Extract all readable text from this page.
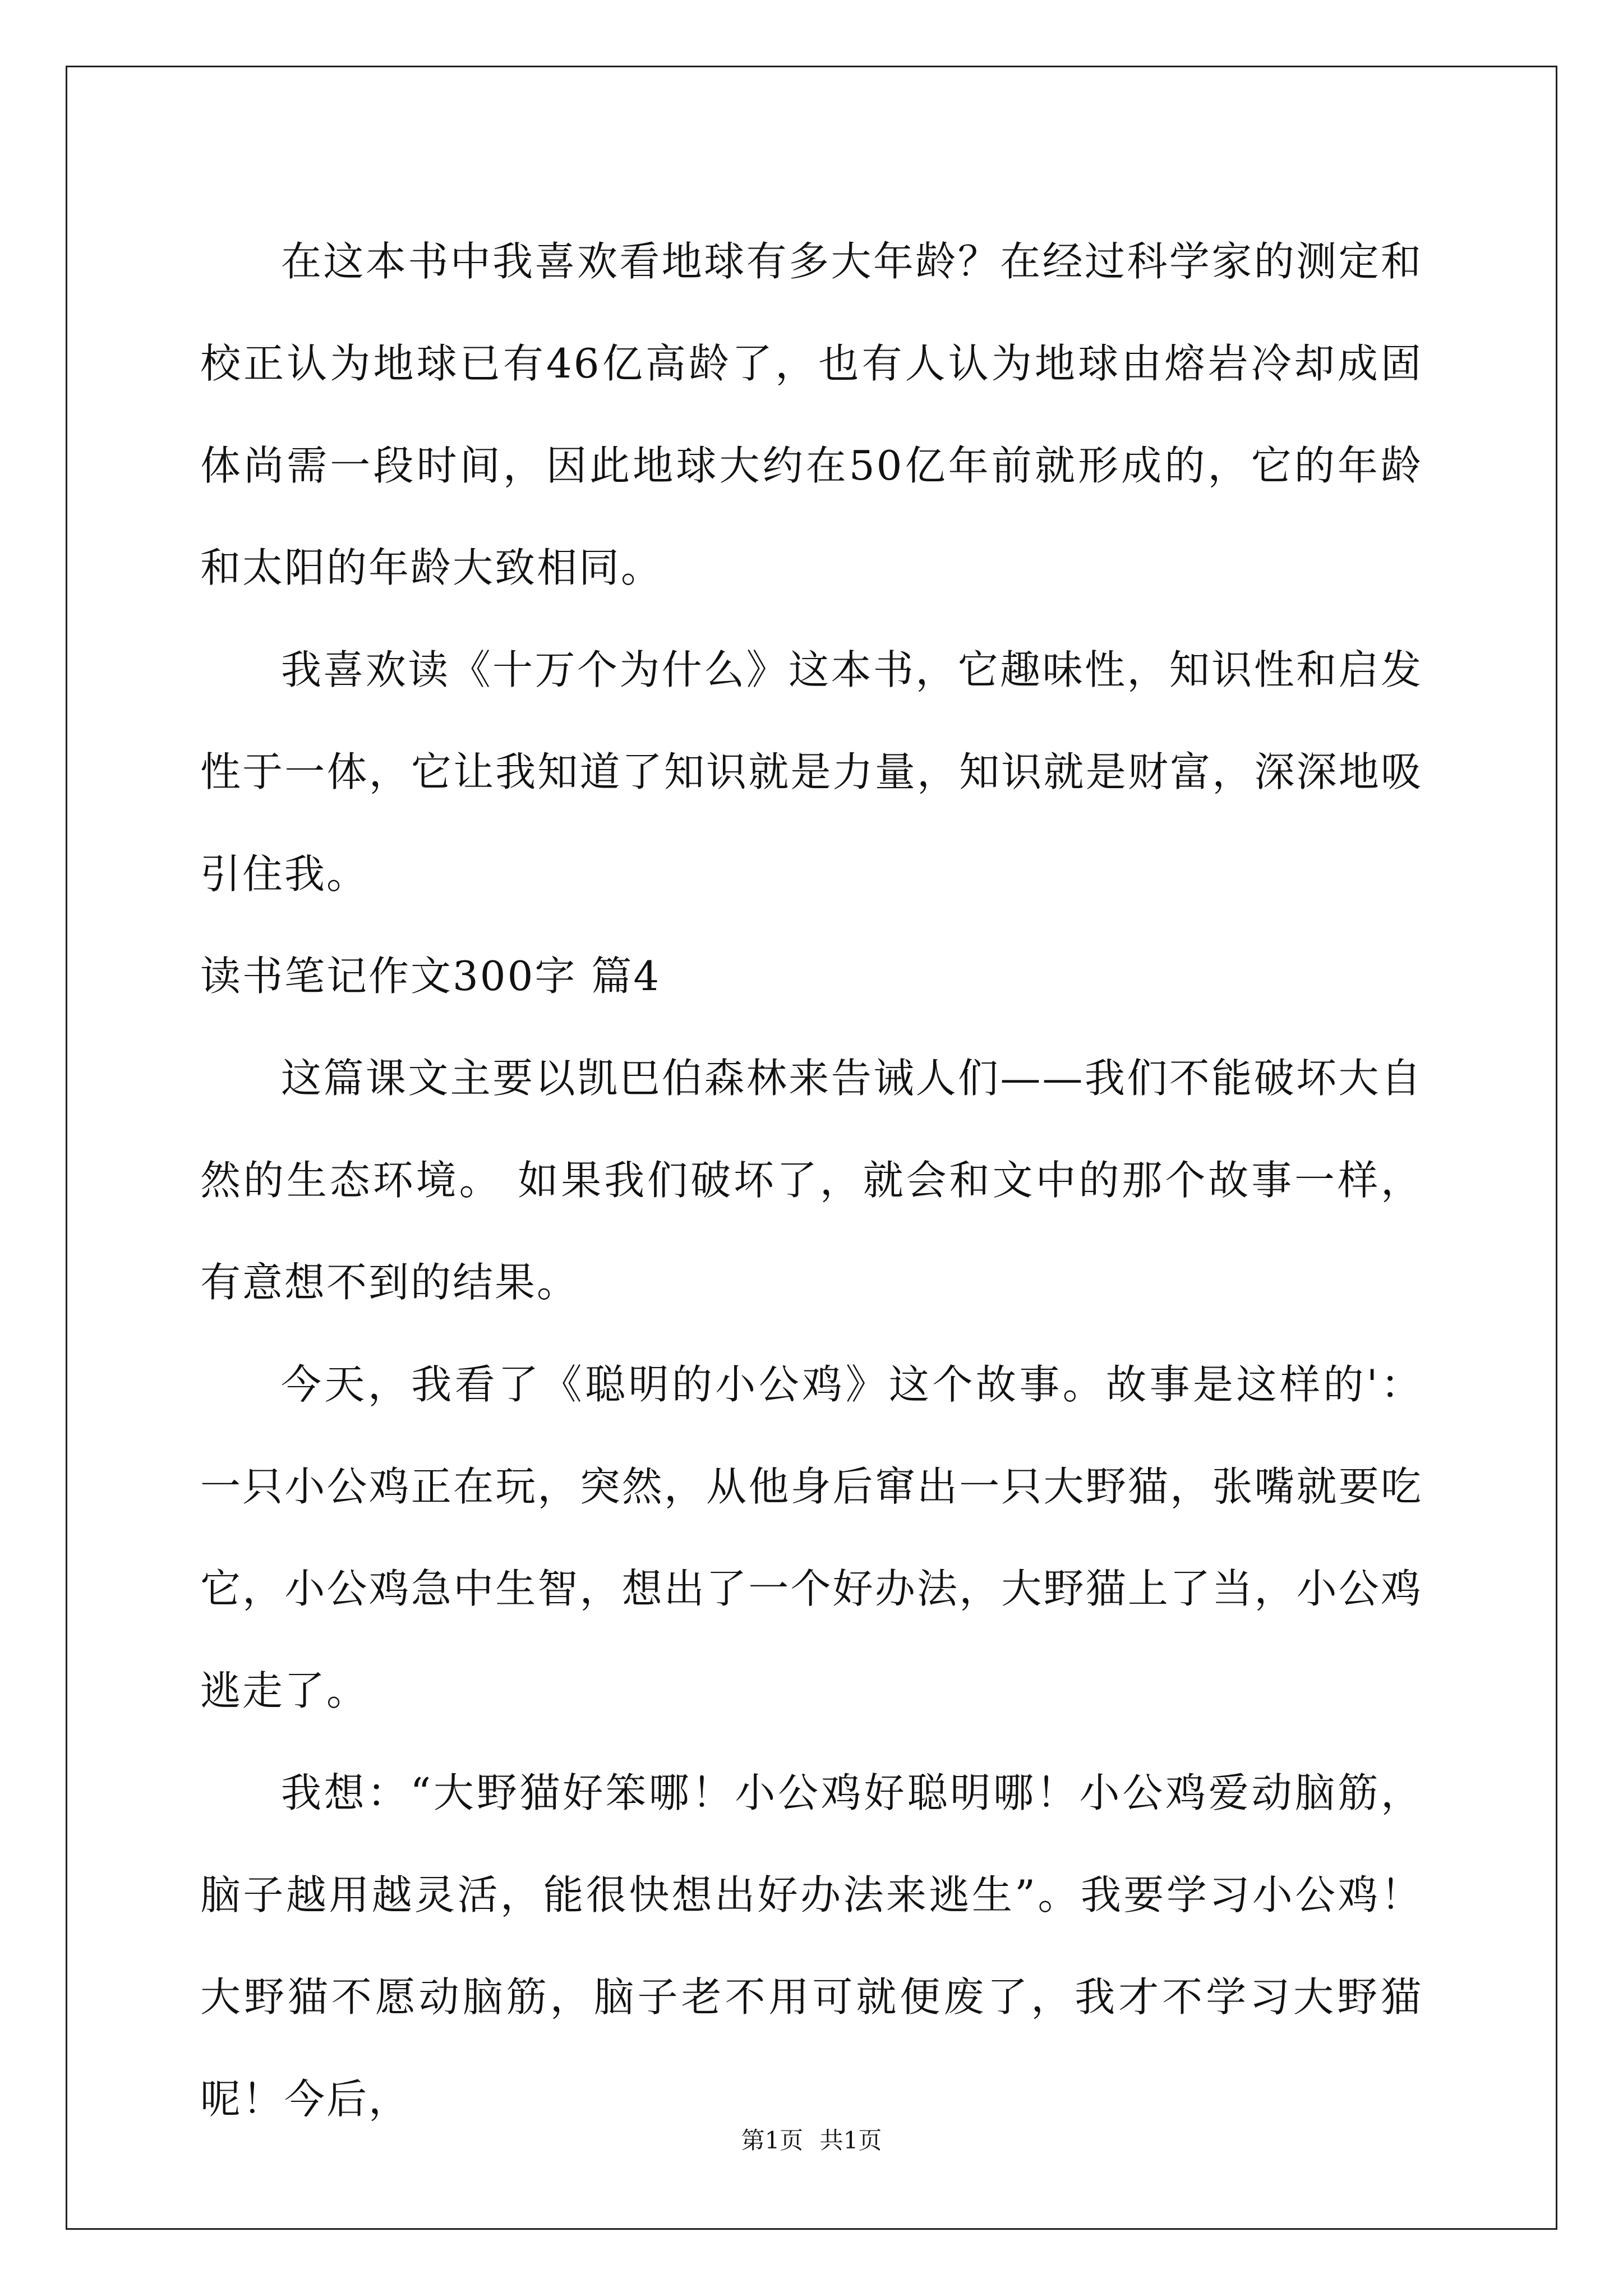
在这本书中我喜欢看地球有多大年龄？在经过科学家的测定和校正认为地球已有46亿高龄了，也有人认为地球由熔岩冷却成固体尚需一段时间，因此地球大约在50亿年前就形成的，它的年龄和太阳的年龄大致相同。

我喜欢读《十万个为什么》这本书，它趣味性，知识性和启发性于一体，它让我知道了知识就是力量，知识就是财富，深深地吸引住我。

读书笔记作文300字 篇4

这篇课文主要以凯巴伯森林来告诫人们——我们不能破坏大自然的生态环境。 如果我们破坏了，就会和文中的那个故事一样，有意想不到的结果。

今天，我看了《聪明的小公鸡》这个故事。故事是这样的'：一只小公鸡正在玩，突然，从他身后窜出一只大野猫，张嘴就要吃它，小公鸡急中生智，想出了一个好办法，大野猫上了当，小公鸡逃走了。

我想：“大野猫好笨哪！小公鸡好聪明哪！小公鸡爱动脑筋，脑子越用越灵活，能很快想出好办法来逃生”。我要学习小公鸡！大野猫不愿动脑筋，脑子老不用可就便废了，我才不学习大野猫呢！今后，

第1页 共1页
